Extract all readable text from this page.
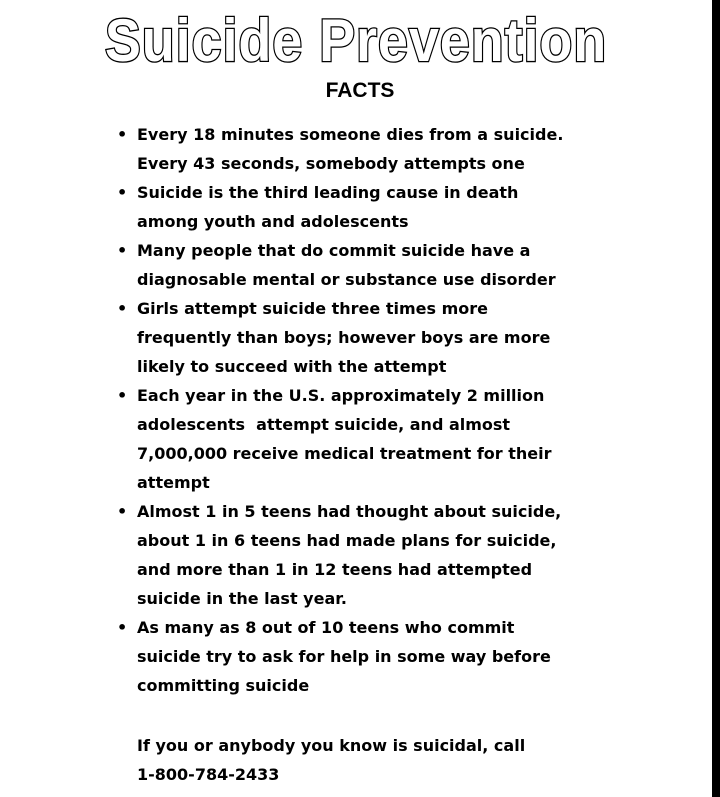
Suicide Prevention
FACTS
• Every 18 minutes someone dies from a suicide.
Every 43 seconds, somebody attempts one
• Suicide is the third leading cause in death
among youth and adolescents
• Many people that do commit suicide have a
diagnosable mental or substance use disorder
• Girls attempt suicide three times more
frequently than boys; however boys are more
likely to succeed with the attempt
• Each year in the U.S. approximately 2 million
adolescents  attempt suicide, and almost
7,000,000 receive medical treatment for their
attempt
• Almost 1 in 5 teens had thought about suicide,
about 1 in 6 teens had made plans for suicide,
and more than 1 in 12 teens had attempted
suicide in the last year.
• As many as 8 out of 10 teens who commit
suicide try to ask for help in some way before
committing suicide
If you or anybody you know is suicidal, call
1-800-784-2433
